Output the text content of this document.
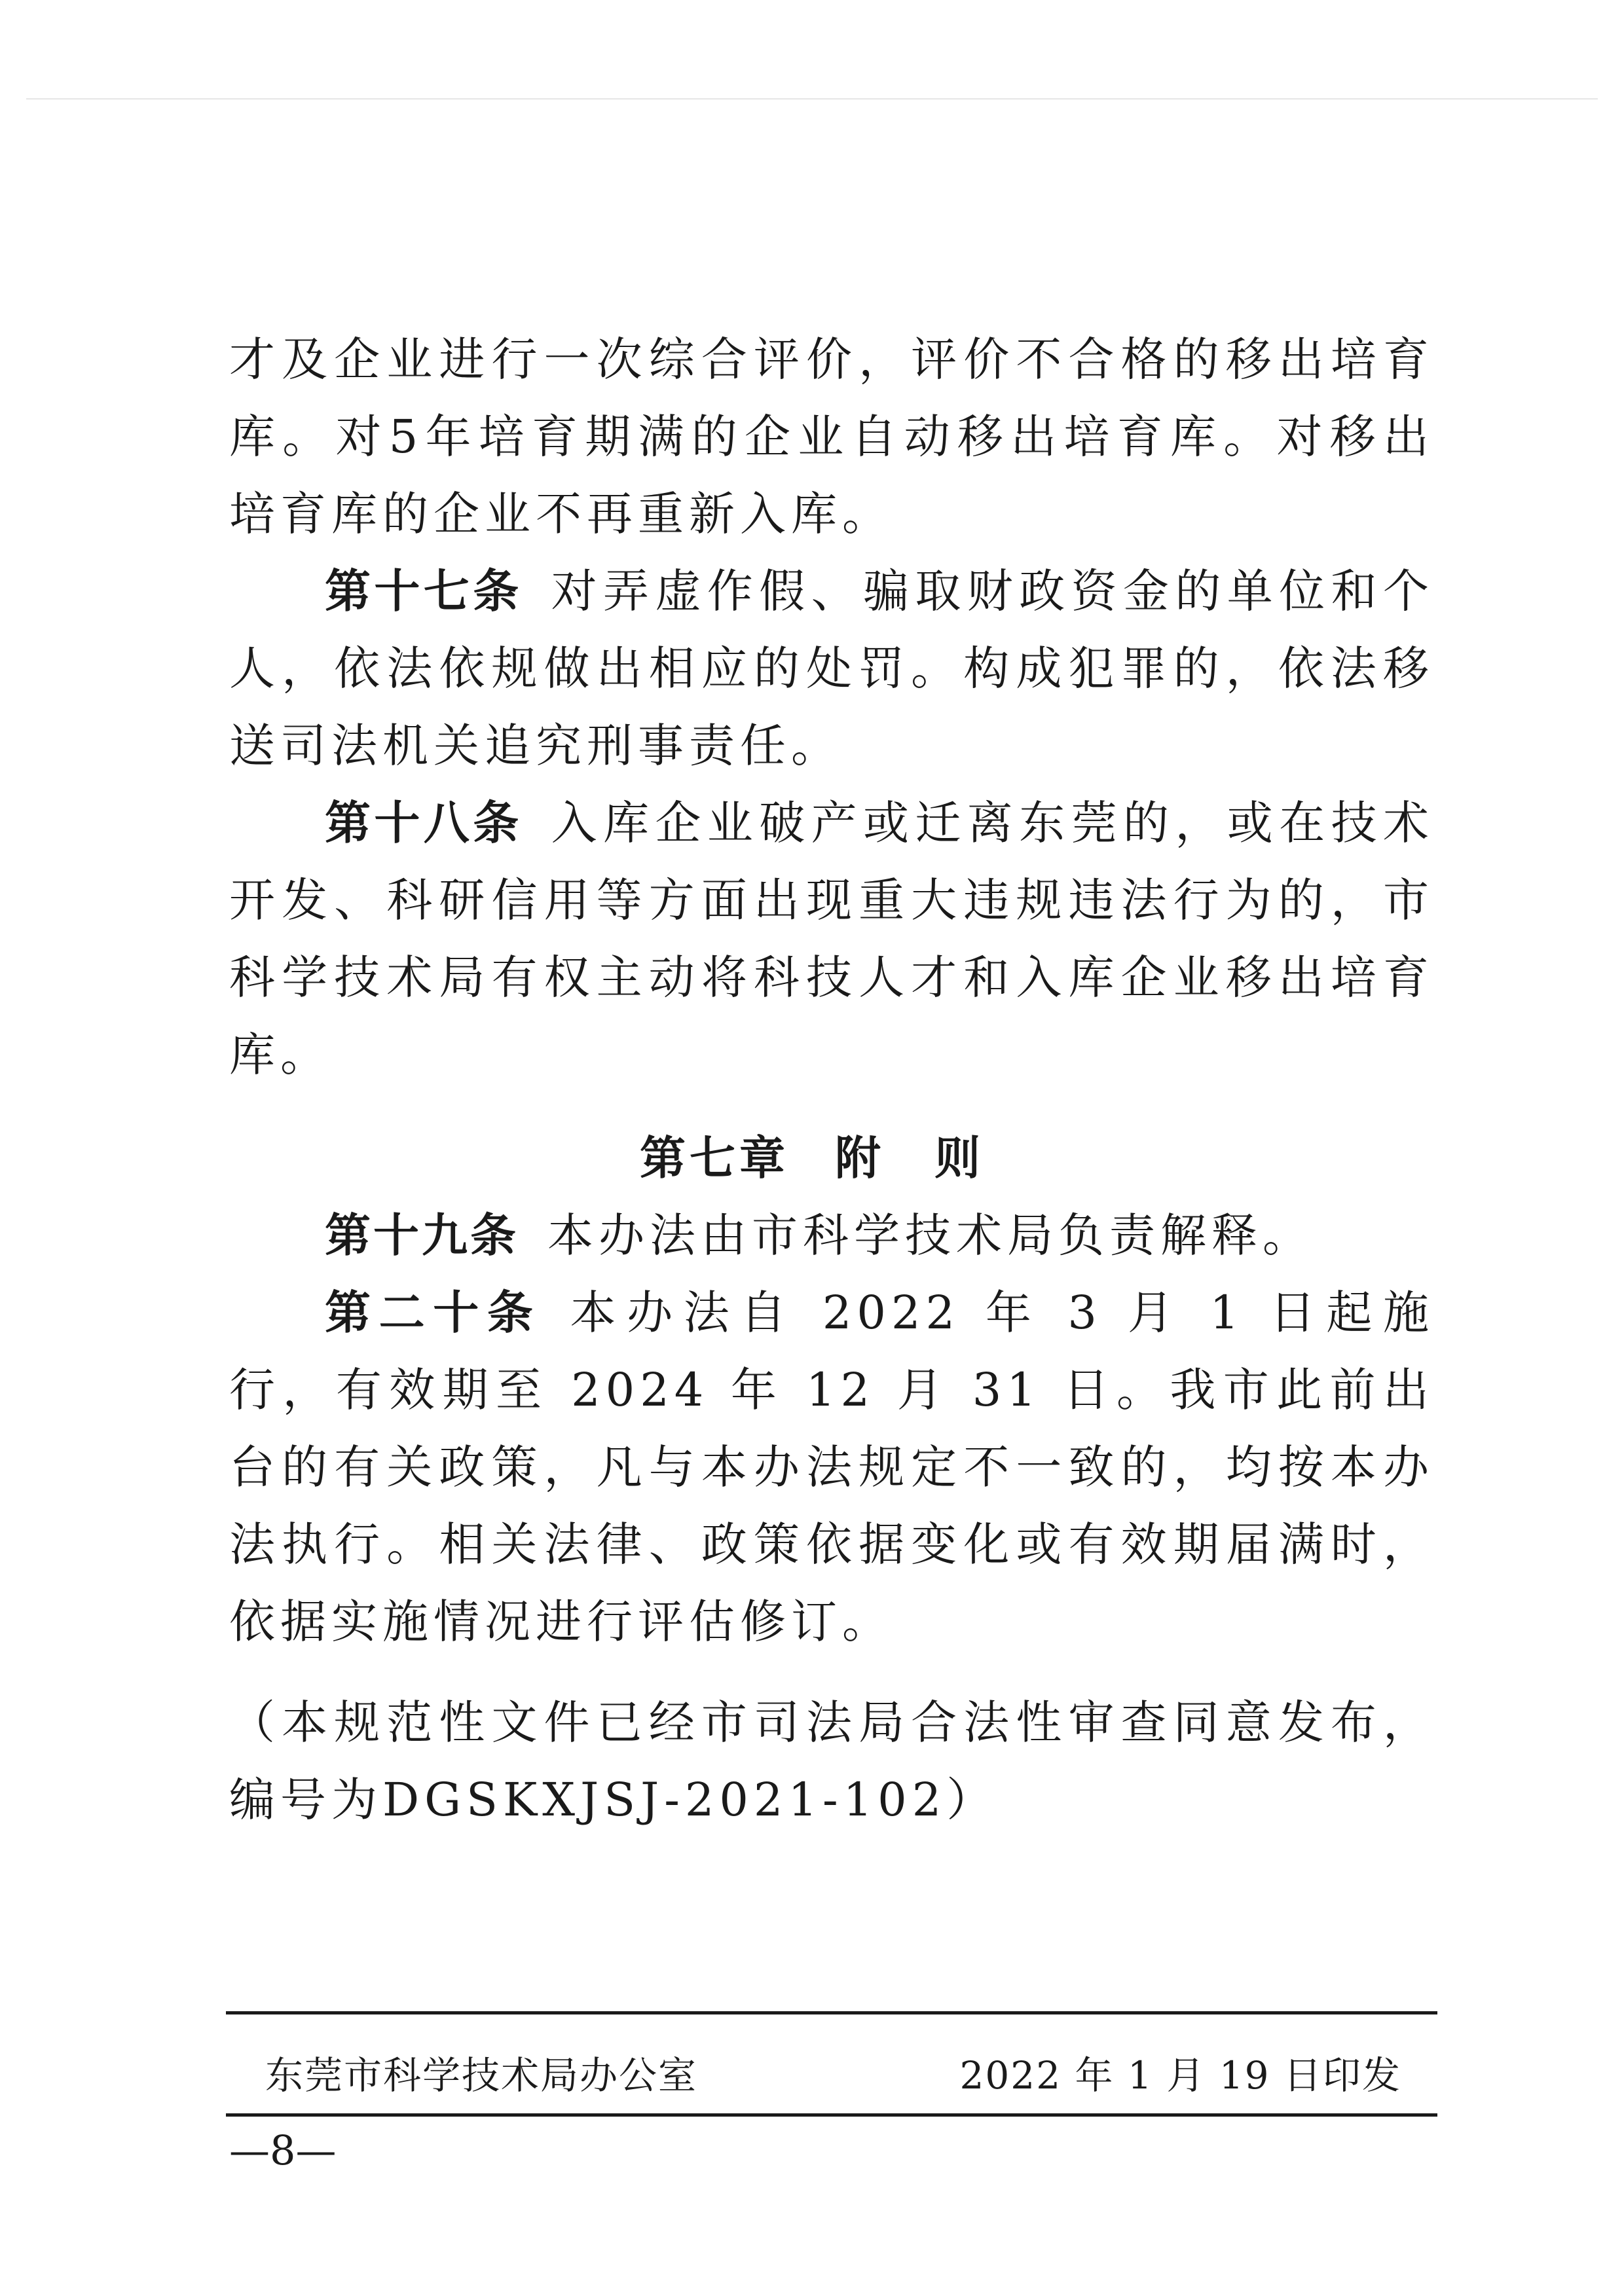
才及企业进行一次综合评价，评价不合格的移出培育库。对5年培育期满的企业自动移出培育库。对移出培育库的企业不再重新入库。

第十七条 对弄虚作假、骗取财政资金的单位和个人，依法依规做出相应的处罚。构成犯罪的，依法移送司法机关追究刑事责任。

第十八条 入库企业破产或迁离东莞的，或在技术开发、科研信用等方面出现重大违规违法行为的，市科学技术局有权主动将科技人才和入库企业移出培育库。

第七章 附　则

第十九条 本办法由市科学技术局负责解释。

第二十条 本办法自 2022 年 3 月 1 日起施行，有效期至 2024 年 12 月 31 日。我市此前出台的有关政策，凡与本办法规定不一致的，均按本办法执行。相关法律、政策依据变化或有效期届满时，依据实施情况进行评估修订。

（本规范性文件已经市司法局合法性审查同意发布，编号为DGSKXJSJ-2021-102）

东莞市科学技术局办公室	2022 年 1 月 19 日印发

—8—
